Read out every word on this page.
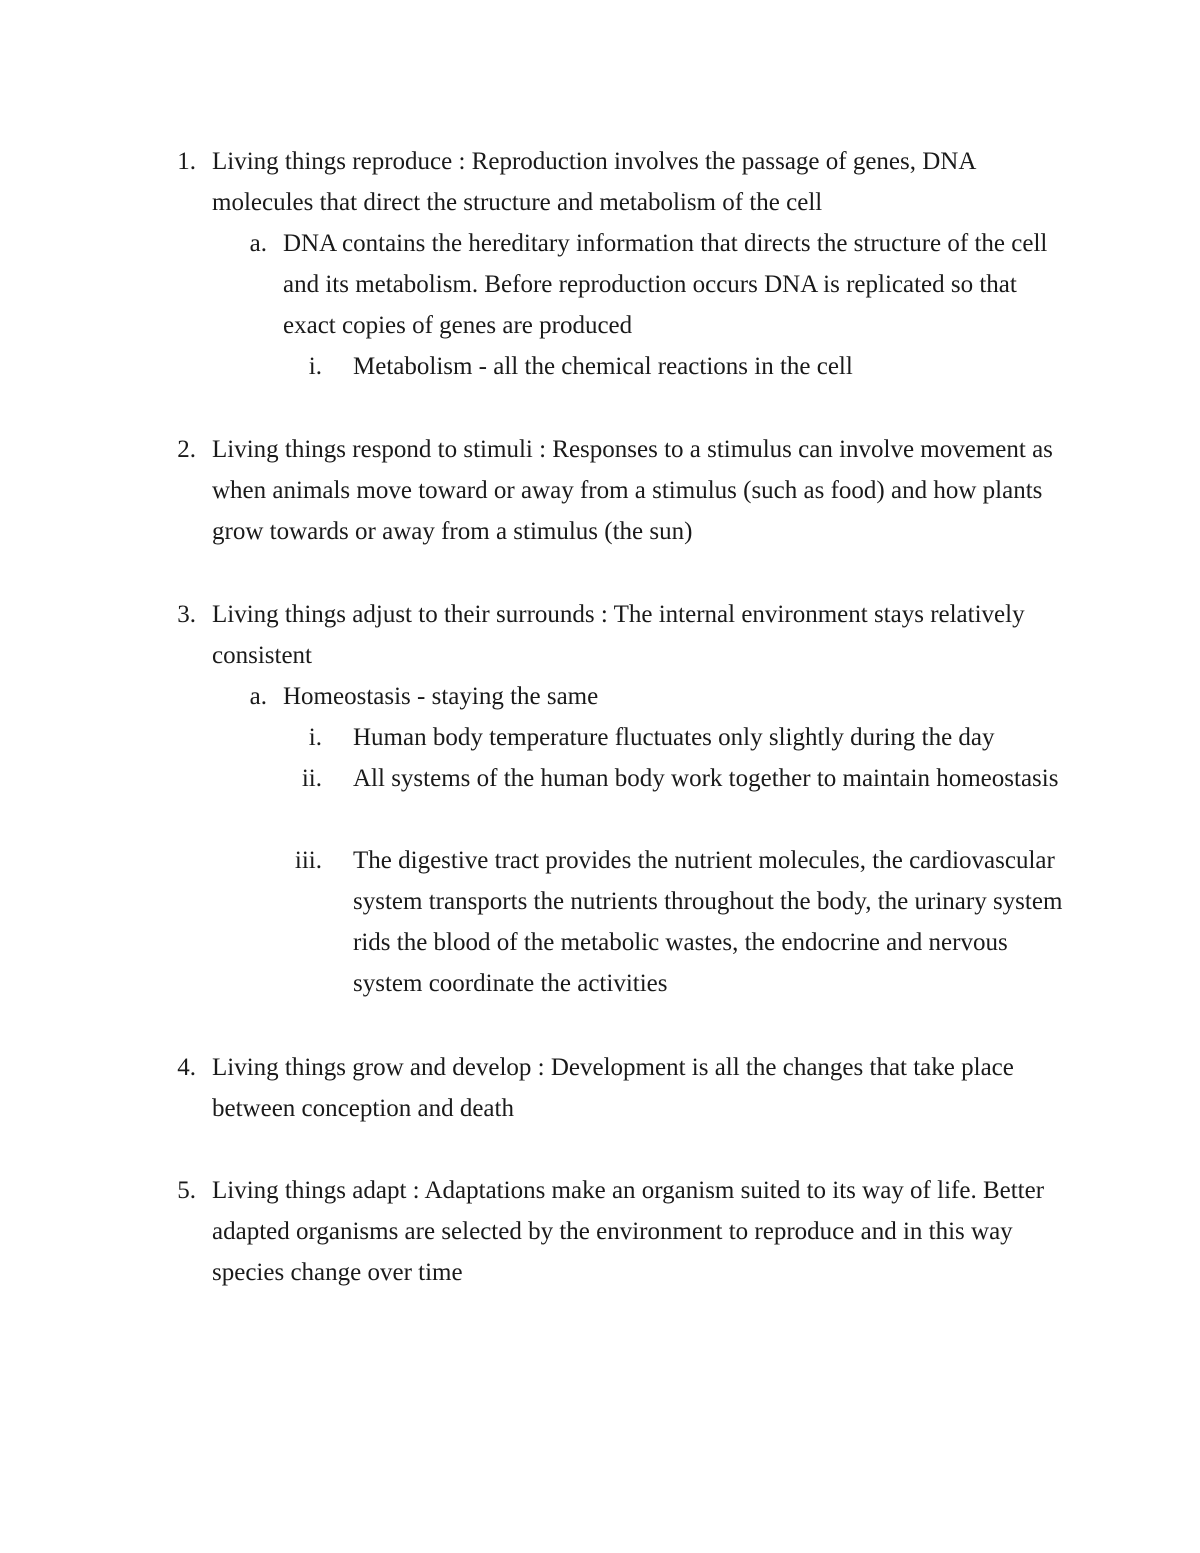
1. Living things reproduce : Reproduction involves the passage of genes, DNA molecules that direct the structure and metabolism of the cell

a. DNA contains the hereditary information that directs the structure of the cell and its metabolism. Before reproduction occurs DNA is replicated so that exact copies of genes are produced

i. Metabolism - all the chemical reactions in the cell

2. Living things respond to stimuli : Responses to a stimulus can involve movement as when animals move toward or away from a stimulus (such as food) and how plants grow towards or away from a stimulus (the sun)

3. Living things adjust to their surrounds : The internal environment stays relatively consistent

a. Homeostasis - staying the same

i. Human body temperature fluctuates only slightly during the day

ii. All systems of the human body work together to maintain homeostasis

iii. The digestive tract provides the nutrient molecules, the cardiovascular system transports the nutrients throughout the body, the urinary system rids the blood of the metabolic wastes, the endocrine and nervous system coordinate the activities

4. Living things grow and develop : Development is all the changes that take place between conception and death

5. Living things adapt : Adaptations make an organism suited to its way of life. Better adapted organisms are selected by the environment to reproduce and in this way species change over time
